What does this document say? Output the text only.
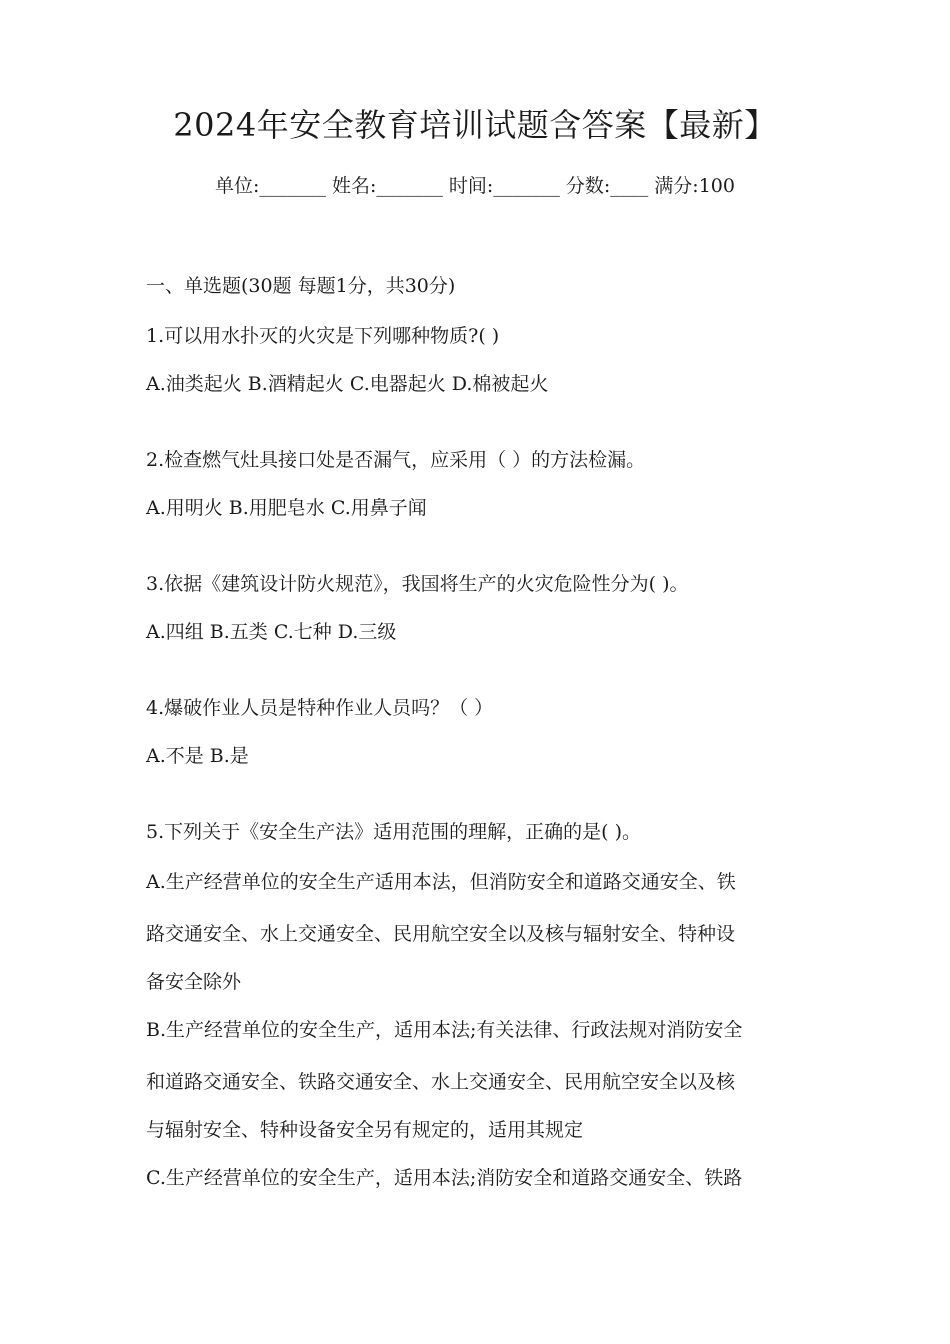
2024年安全教育培训试题含答案【最新】
单位:_______ 姓名:_______ 时间:_______ 分数:____ 满分:100
一、单选题(30题 每题1分，共30分)
1.可以用水扑灭的火灾是下列哪种物质?( )
A.油类起火 B.酒精起火 C.电器起火 D.棉被起火
2.检查燃气灶具接口处是否漏气，应采用（ ）的方法检漏。
A.用明火 B.用肥皂水 C.用鼻子闻
3.依据《建筑设计防火规范》，我国将生产的火灾危险性分为( )。
A.四组 B.五类 C.七种 D.三级
4.爆破作业人员是特种作业人员吗？（ ）
A.不是 B.是
5.下列关于《安全生产法》适用范围的理解，正确的是( )。
A.生产经营单位的安全生产适用本法，但消防安全和道路交通安全、铁
路交通安全、水上交通安全、民用航空安全以及核与辐射安全、特种设
备安全除外
B.生产经营单位的安全生产，适用本法;有关法律、行政法规对消防安全
和道路交通安全、铁路交通安全、水上交通安全、民用航空安全以及核
与辐射安全、特种设备安全另有规定的，适用其规定
C.生产经营单位的安全生产，适用本法;消防安全和道路交通安全、铁路
